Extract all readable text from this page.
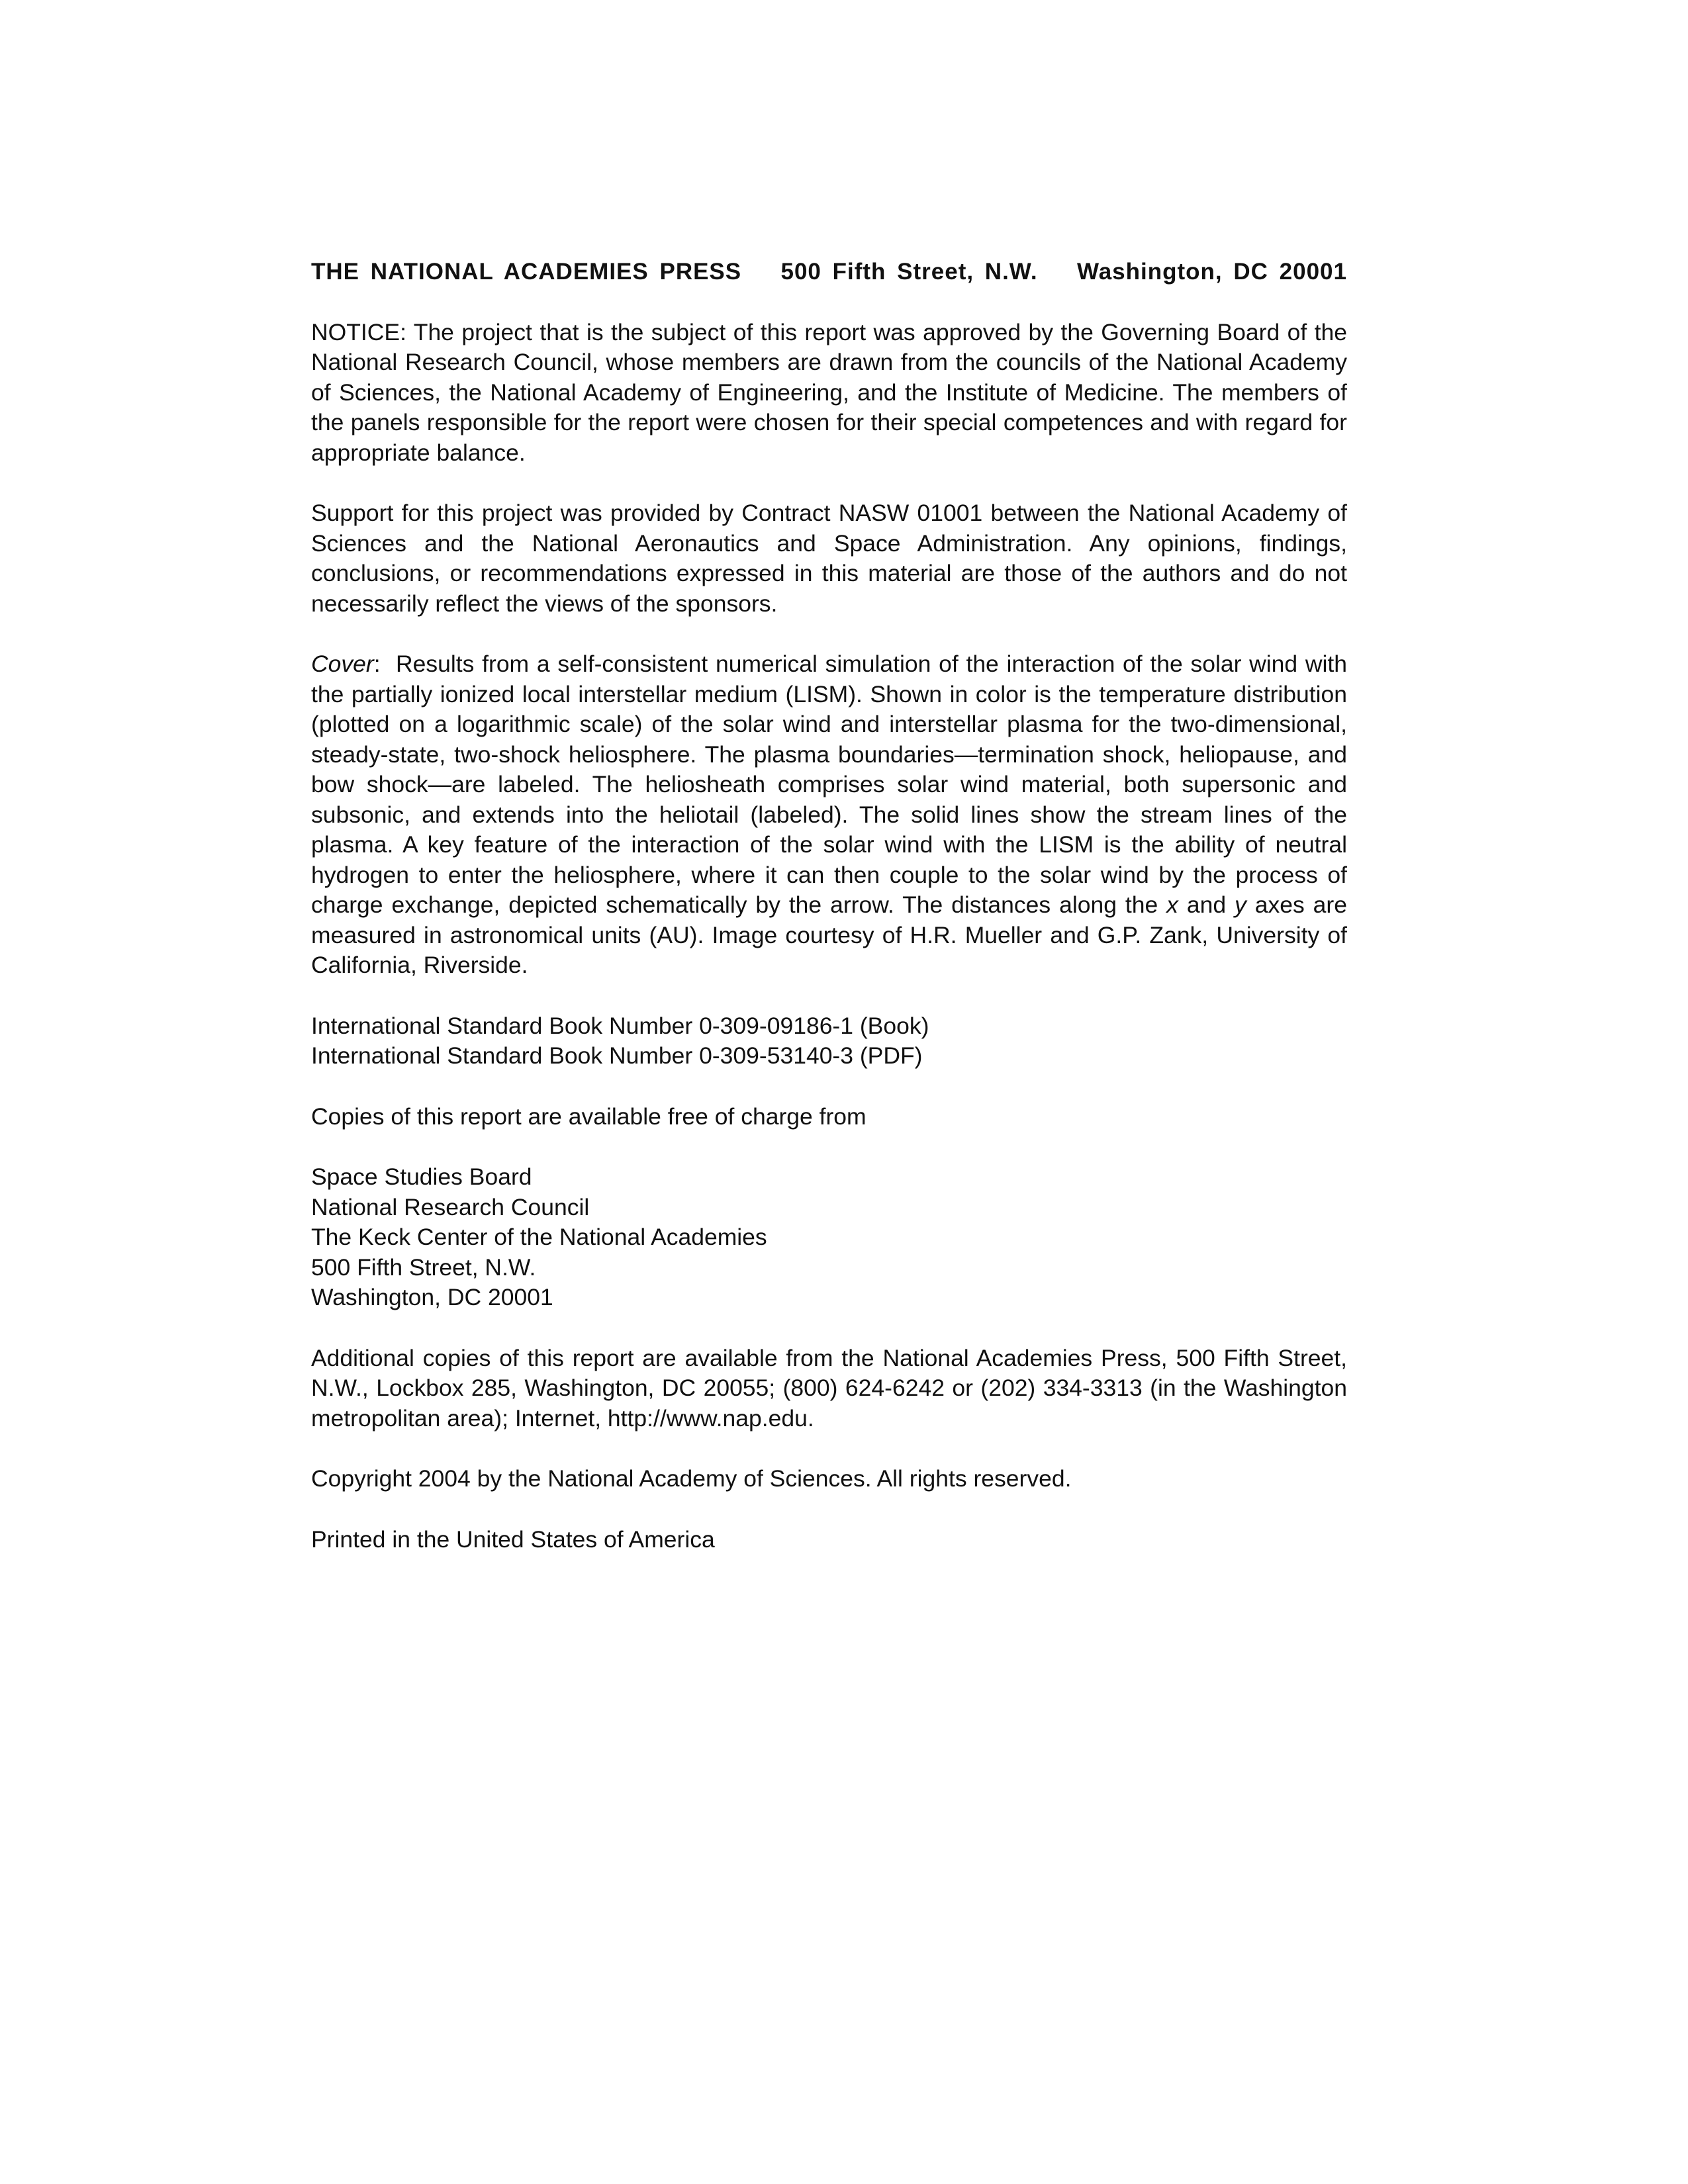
THE NATIONAL ACADEMIES PRESS 500 Fifth Street, N.W. Washington, DC 20001

NOTICE: The project that is the subject of this report was approved by the Governing Board of the National Research Council, whose members are drawn from the councils of the National Academy of Sciences, the National Academy of Engineering, and the Institute of Medicine. The members of the panels responsible for the report were chosen for their special competences and with regard for appropriate balance.

Support for this project was provided by Contract NASW 01001 between the National Academy of Sciences and the National Aeronautics and Space Administration. Any opinions, findings, conclusions, or recommendations expressed in this material are those of the authors and do not necessarily reflect the views of the sponsors.

Cover:  Results from a self-consistent numerical simulation of the interaction of the solar wind with the partially ionized local interstellar medium (LISM). Shown in color is the temperature distribution (plotted on a logarithmic scale) of the solar wind and interstellar plasma for the two-dimensional, steady-state, two-shock heliosphere. The plasma boundaries—termination shock, heliopause, and bow shock—are labeled. The heliosheath comprises solar wind material, both supersonic and subsonic, and extends into the heliotail (labeled). The solid lines show the stream lines of the plasma. A key feature of the interaction of the solar wind with the LISM is the ability of neutral hydrogen to enter the heliosphere, where it can then couple to the solar wind by the process of charge exchange, depicted schematically by the arrow. The distances along the x and y axes are measured in astronomical units (AU). Image courtesy of H.R. Mueller and G.P. Zank, University of California, Riverside.

International Standard Book Number 0-309-09186-1 (Book)
International Standard Book Number 0-309-53140-3 (PDF)

Copies of this report are available free of charge from

Space Studies Board
National Research Council
The Keck Center of the National Academies
500 Fifth Street, N.W.
Washington, DC 20001

Additional copies of this report are available from the National Academies Press, 500 Fifth Street, N.W., Lockbox 285, Washington, DC 20055; (800) 624-6242 or (202) 334-3313 (in the Washington metropolitan area); Internet, http://www.nap.edu.

Copyright 2004 by the National Academy of Sciences. All rights reserved.

Printed in the United States of America
